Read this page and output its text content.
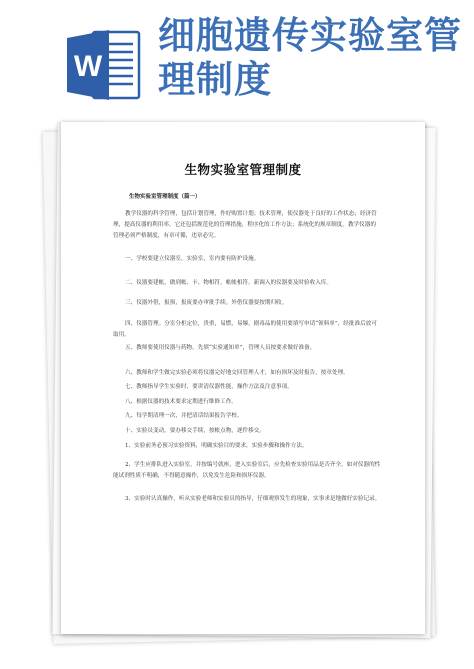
W
细胞遗传实验室管
理制度
生物实验室管理制度
生物实验室管理制度（篇一）
教学仪器的科学管理，包括计划管理，作好购置计划；技术管理，使仪器处于良好的工作状态；经济管理，提高仪器的利用率。它还包括规范化的管理措施，程序化的工作方法；系统化的规章制度。教学仪器的管理必须严格制度，有章可循，违章必究。
一、学校要建立仪器室，实验室，室内要有防护设施。
二、仪器要建帐，做到帐、卡、物相符，帐帐相符。新调入的仪器要及时验收入库。
三、仪器外借，报损，报废要办审批手续。外借仪器要按期归收。
四、仪器管理。分室分柜定位，贵重，易燃，易爆，剧毒品的使用要填写申请“领料单”，经批准后放可取用。
五、教师要使用仪器与药物，先填“实验通知单”，管理人员按要求做好准备。
六、教师和学生做完实验必须将仪器完好地交回管理人才，如有损坏及时报告，按章处理。
七、教师指导学生实验时，要讲清仪器性能，操作方法及注意事项。
八、根据仪器的技术要求定期进行维修工作。
九、每学期清理一次，并把清话结果报告学校。
十、实验员变动，要办移交手续，按帐点物，逐件移交。
1、实验前务必预习实验资料，明确实验目的要求，实验步骤和操作方法。
2、学生应排队进入实验室，并按编号就座，进入实验室后，应先检查实验用品是否齐全，如对仪器的性能试剂性质不明确，不得随意操作，以免发生危险和损坏仪器。
3、实验时认真操作，听从实验老师和实验员的指导，仔细观察发生的现象，实事求是地做好实验记录。
